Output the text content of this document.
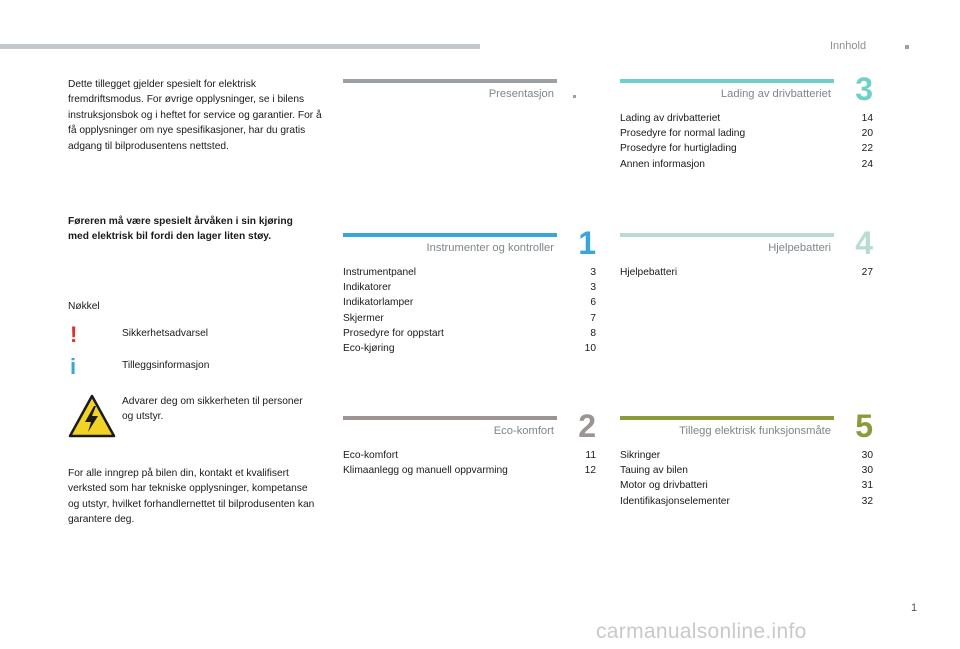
Innhold
Dette tillegget gjelder spesielt for elektrisk fremdriftsmodus. For øvrige opplysninger, se i bilens instruksjonsbok og i heftet for service og garantier. For å få opplysninger om nye spesifikasjoner, har du gratis adgang til bilprodusentens nettsted.
Føreren må være spesielt årvåken i sin kjøring med elektrisk bil fordi den lager liten støy.
Nøkkel
!	Sikkerhetsadvarsel
i	Tilleggsinformasjon
Advarer deg om sikkerheten til personer og utstyr.
For alle inngrep på bilen din, kontakt et kvalifisert verksted som har tekniske opplysninger, kompetanse og utstyr, hvilket forhandlernettet til bilprodusenten kan garantere deg.
Presentasjon
Instrumenter og kontroller 1
Instrumentpanel	3
Indikatorer	3
Indikatorlamper	6
Skjermer	7
Prosedyre for oppstart	8
Eco-kjøring	10
Eco-komfort 2
Eco-komfort	11
Klimaanlegg og manuell oppvarming	12
Lading av drivbatteriet 3
Lading av drivbatteriet	14
Prosedyre for normal lading	20
Prosedyre for hurtiglading	22
Annen informasjon	24
Hjelpebatteri 4
Hjelpebatteri	27
Tillegg elektrisk funksjonsmåte 5
Sikringer	30
Tauing av bilen	30
Motor og drivbatteri	31
Identifikasjonselementer	32
1
carmanualsonline.info
